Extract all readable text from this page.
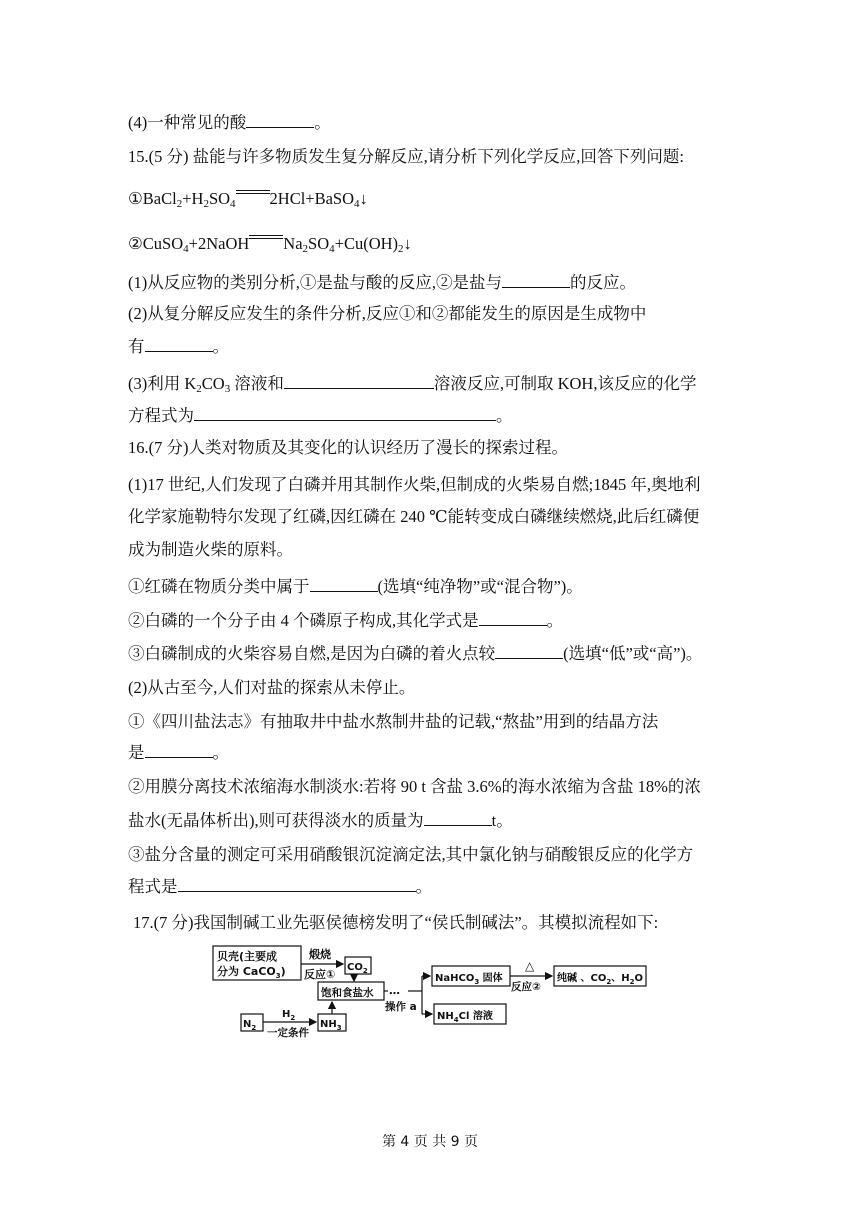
(4)一种常见的酸	。
15.(5 分) 盐能与许多物质发生复分解反应,请分析下列化学反应,回答下列问题:
$①BaCl_2+H_2SO_4$ 2HCl+BaSO$_4$↓
②CuSO$_4$+2NaOH $Na_2SO_4+Cu(OH)_2↓$
(1)从反应物的类别分析,①是盐与酸的反应,②是盐与	的反应。
(2)从复分解反应发生的条件分析,反应①和②都能发生的原因是生成物中
有	。
(3)利用 $K_2CO_3$ 溶液和	溶液反应,可制取 KOH,该反应的化学
方程式为	。
16.(7 分)人类对物质及其变化的认识经历了漫长的探索过程。
(1)17 世纪,人们发现了白磷并用其制作火柴,但制成的火柴易自燃;1845 年,奥地利
化学家施勒特尔发现了红磷,因红磷在 240 ℃能转变成白磷继续燃烧,此后红磷便
成为制造火柴的原料。
①红磷在物质分类中属于	(选填“纯净物”或“混合物”)。
②白磷的一个分子由 4 个磷原子构成,其化学式是	。
③白磷制成的火柴容易自燃,是因为白磷的着火点较	(选填“低”或“高”)。
(2)从古至今,人们对盐的探索从未停止。
①《四川盐法志》有抽取井中盐水熬制井盐的记载,“熬盐”用到的结晶方法
是	。
②用膜分离技术浓缩海水制淡水:若将 90 t 含盐 3.6%的海水浓缩为含盐 18%的浓
盐水(无晶体析出),则可获得淡水的质量为	t。
③盐分含量的测定可采用硝酸银沉淀滴定法,其中氯化钠与硝酸银反应的化学方
程式是	。
17.(7 分)我国制碱工业先驱侯德榜发明了“侯氏制碱法”。其模拟流程如下:
贝壳(主要成
分为 CaCO$_3$)
煅烧
反应①
$CO_2$
饱和食盐水 …
操作 a
$N_2$
$H_2$
一定条件
$NH_3$
NaHCO$_3$ 固体
△
反应②
纯碱 、$CO_2$、$H_2O$
$NH_4Cl$ 溶液
第 4 页 共 9 页
